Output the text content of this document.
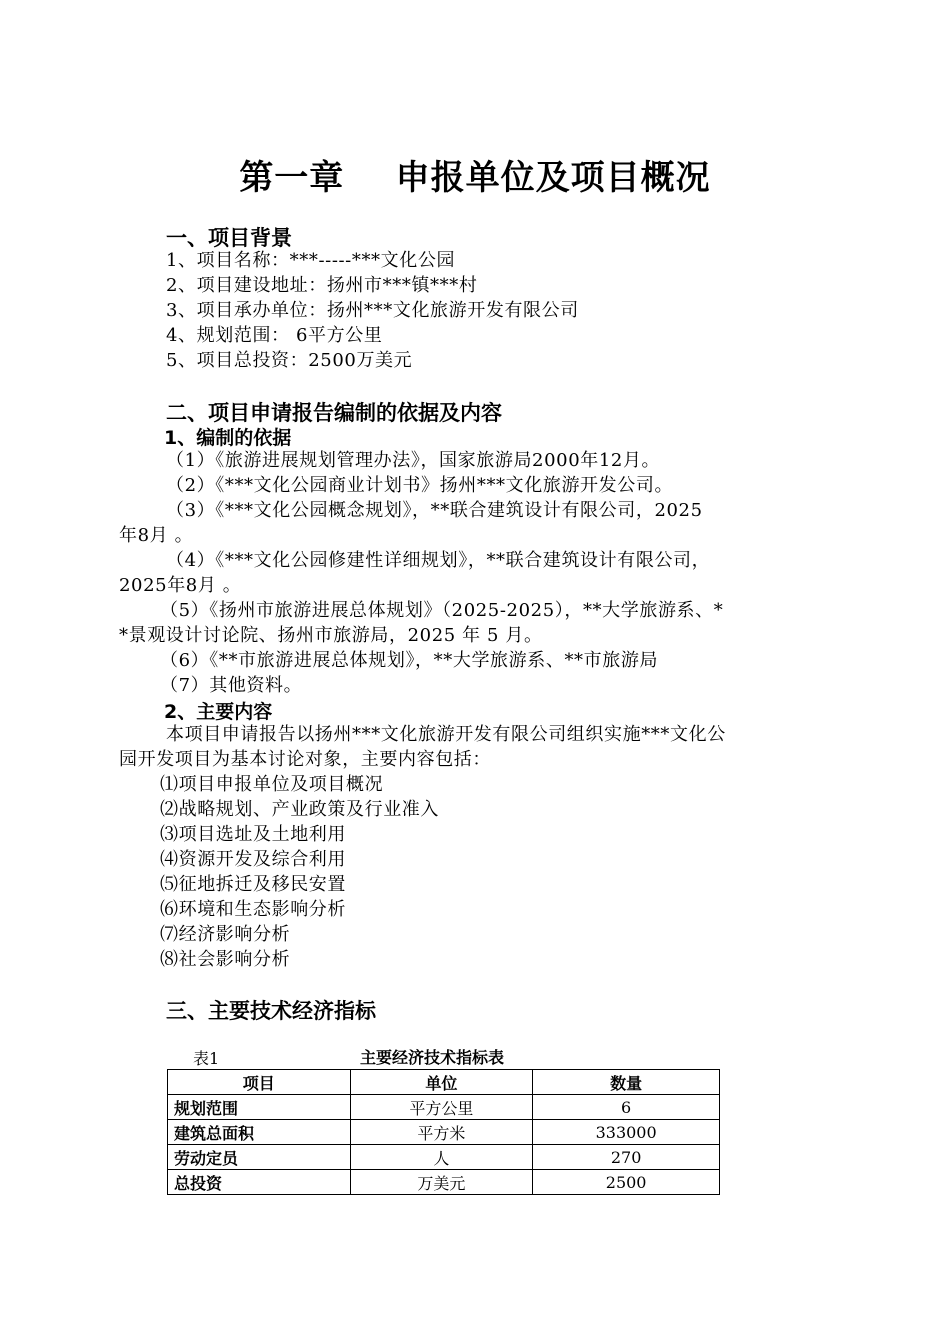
第一章    申报单位及项目概况
一、项目背景
1、项目名称：***-----***文化公园
2、项目建设地址：扬州市***镇***村
3、项目承办单位：扬州***文化旅游开发有限公司
4、规划范围： 6平方公里
5、项目总投资：2500万美元
二、项目申请报告编制的依据及内容
1、编制的依据
（1）《旅游进展规划管理办法》，国家旅游局2000年12月。
（2）《***文化公园商业计划书》扬州***文化旅游开发公司。
（3）《***文化公园概念规划》，**联合建筑设计有限公司，2025
年8月 。
（4）《***文化公园修建性详细规划》，**联合建筑设计有限公司，
2025年8月 。
（5）《扬州市旅游进展总体规划》（2025-2025），**大学旅游系、*
*景观设计讨论院、扬州市旅游局，2025 年 5 月。
（6）《**市旅游进展总体规划》，**大学旅游系、**市旅游局
（7）其他资料。
2、主要内容
本项目申请报告以扬州***文化旅游开发有限公司组织实施***文化公
园开发项目为基本讨论对象，主要内容包括：
⑴项目申报单位及项目概况
⑵战略规划、产业政策及行业准入
⑶项目选址及土地利用
⑷资源开发及综合利用
⑸征地拆迁及移民安置
⑹环境和生态影响分析
⑺经济影响分析
⑻社会影响分析
三、主要技术经济指标
表1	主要经济技术指标表
项目	单位	数量
规划范围	平方公里	6
建筑总面积	平方米	333000
劳动定员	人	270
总投资	万美元	2500
